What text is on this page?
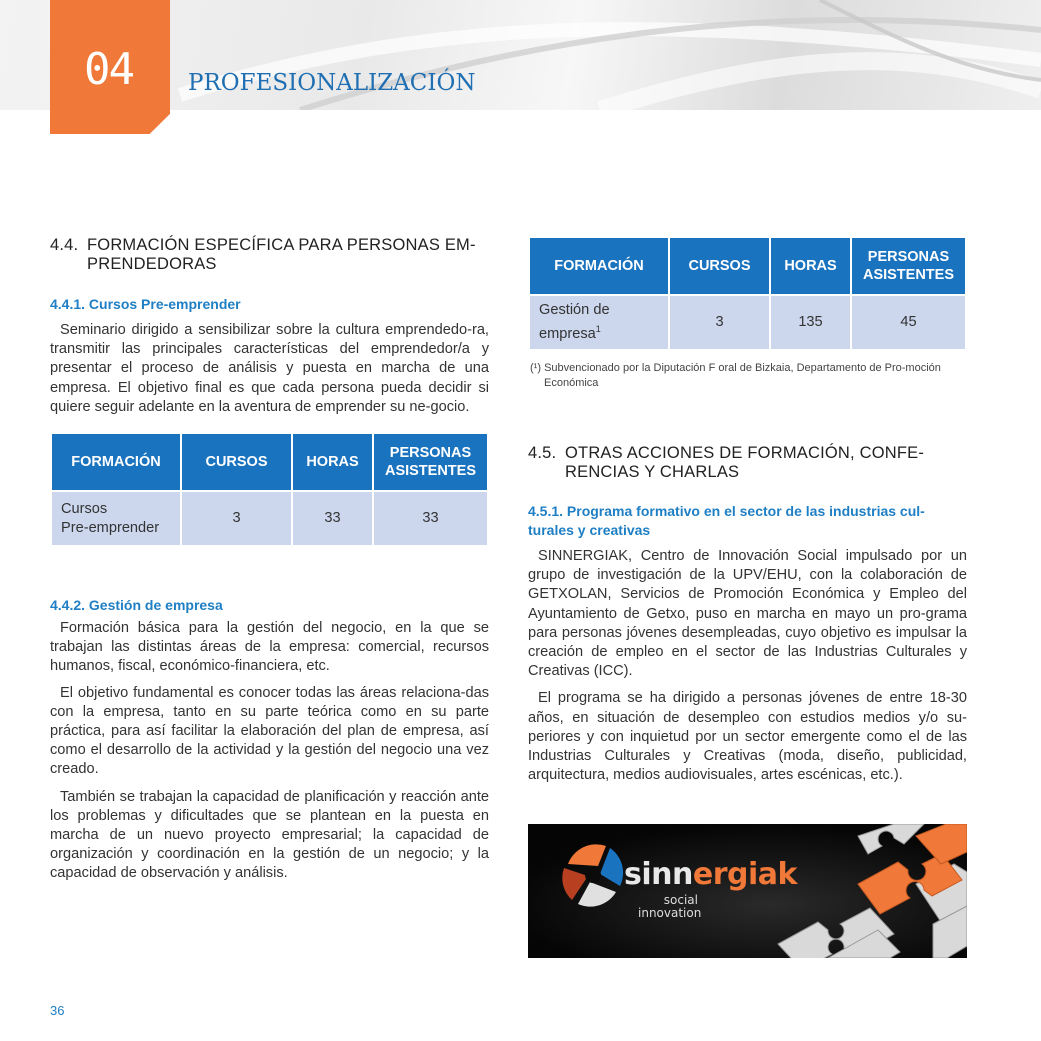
04 PROFESIONALIZACIÓN
4.4. FORMACIÓN ESPECÍFICA PARA PERSONAS EM-
PRENDEDORAS
4.4.1. Cursos Pre-emprender

Seminario dirigido a sensibilizar sobre la cultura emprendedo-ra, transmitir las principales características del emprendedor/a y presentar el proceso de análisis y puesta en marcha de una empresa. El objetivo final es que cada persona pueda decidir si quiere seguir adelante en la aventura de emprender su ne-gocio.

FORMACIÓN	CURSOS	HORAS	PERSONAS ASISTENTES
Cursos
Pre-emprender	3	33	33
4.4.2. Gestión de empresa

Formación básica para la gestión del negocio, en la que se trabajan las distintas áreas de la empresa: comercial, recursos humanos, fiscal, económico-financiera, etc.

El objetivo fundamental es conocer todas las áreas relaciona-das con la empresa, tanto en su parte teórica como en su parte práctica, para así facilitar la elaboración del plan de empresa, así como el desarrollo de la actividad y la gestión del negocio una vez creado.

También se trabajan la capacidad de planificación y reacción ante los problemas y dificultades que se plantean en la puesta en marcha de un nuevo proyecto empresarial; la capacidad de organización y coordinación en la gestión de un negocio; y la capacidad de observación y análisis.

FORMACIÓN	CURSOS	HORAS	PERSONAS ASISTENTES
Gestión de
empresa$^1$	3	135	45
(¹) Subvencionado por la Diputación F oral de Bizkaia, Departamento de Pro-moción Económica
4.5. OTRAS ACCIONES DE FORMACIÓN, CONFE-
RENCIAS Y CHARLAS
4.5.1. Programa formativo en el sector de las industrias cul-turales y creativas

SINNERGIAK, Centro de Innovación Social impulsado por un grupo de investigación de la UPV/EHU, con la colaboración de GETXOLAN, Servicios de Promoción Económica y Empleo del Ayuntamiento de Getxo, puso en marcha en mayo un pro-grama para personas jóvenes desempleadas, cuyo objetivo es impulsar la creación de empleo en el sector de las Industrias Culturales y Creativas (ICC).

El programa se ha dirigido a personas jóvenes de entre 18-30 años, en situación de desempleo con estudios medios y/o su-periores y con inquietud por un sector emergente como el de las Industrias Culturales y Creativas (moda, diseño, publicidad, arquitectura, medios audiovisuales, artes escénicas, etc.).

sinnergiak
social
innovation
36
